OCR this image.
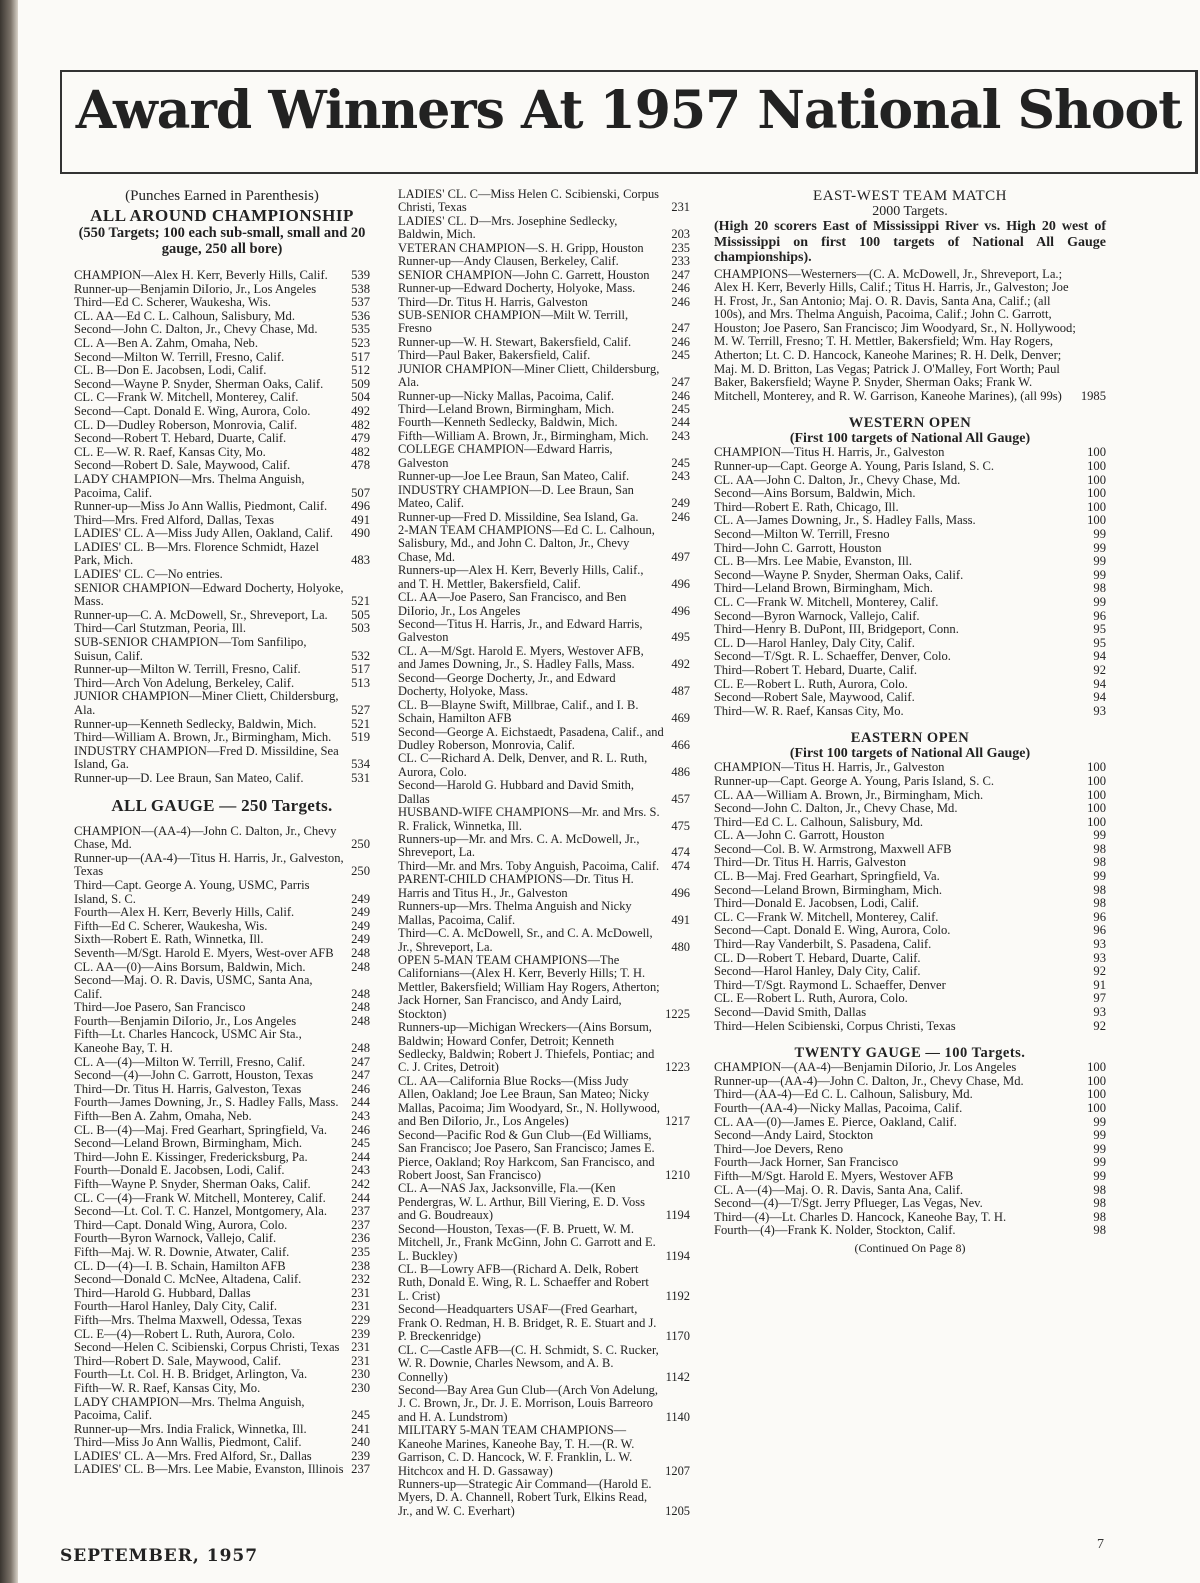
Award Winners At 1957 National Shoot
(Punches Earned in Parenthesis)
ALL AROUND CHAMPIONSHIP
(550 Targets; 100 each sub-small, small and 20 gauge, 250 all bore)
CHAMPION—Alex H. Kerr, Beverly Hills, Calif.	539
Runner-up—Benjamin DiIorio, Jr., Los Angeles	538
Third—Ed C. Scherer, Waukesha, Wis.	537
CL. AA—Ed C. L. Calhoun, Salisbury, Md.	536
Second—John C. Dalton, Jr., Chevy Chase, Md.	535
CL. A—Ben A. Zahm, Omaha, Neb.	523
Second—Milton W. Terrill, Fresno, Calif.	517
CL. B—Don E. Jacobsen, Lodi, Calif.	512
Second—Wayne P. Snyder, Sherman Oaks, Calif.	509
CL. C—Frank W. Mitchell, Monterey, Calif.	504
Second—Capt. Donald E. Wing, Aurora, Colo.	492
CL. D—Dudley Roberson, Monrovia, Calif.	482
Second—Robert T. Hebard, Duarte, Calif.	479
CL. E—W. R. Raef, Kansas City, Mo.	482
Second—Robert D. Sale, Maywood, Calif.	478
LADY CHAMPION—Mrs. Thelma Anguish, Pacoima, Calif.	507
Runner-up—Miss Jo Ann Wallis, Piedmont, Calif.	496
Third—Mrs. Fred Alford, Dallas, Texas	491
LADIES' CL. A—Miss Judy Allen, Oakland, Calif.	490
LADIES' CL. B—Mrs. Florence Schmidt, Hazel Park, Mich.	483
LADIES' CL. C—No entries.
SENIOR CHAMPION—Edward Docherty, Holyoke, Mass.	521
Runner-up—C. A. McDowell, Sr., Shreveport, La.	505
Third—Carl Stutzman, Peoria, Ill.	503
SUB-SENIOR CHAMPION—Tom Sanfilipo, Suisun, Calif.	532
Runner-up—Milton W. Terrill, Fresno, Calif.	517
Third—Arch Von Adelung, Berkeley, Calif.	513
JUNIOR CHAMPION—Miner Cliett, Childersburg, Ala.	527
Runner-up—Kenneth Sedlecky, Baldwin, Mich.	521
Third—William A. Brown, Jr., Birmingham, Mich.	519
INDUSTRY CHAMPION—Fred D. Missildine, Sea Island, Ga.	534
Runner-up—D. Lee Braun, San Mateo, Calif.	531
ALL GAUGE — 250 Targets.
CHAMPION—(AA-4)—John C. Dalton, Jr., Chevy Chase, Md.	250
Runner-up—(AA-4)—Titus H. Harris, Jr., Galveston, Texas	250
Third—Capt. George A. Young, USMC, Parris Island, S. C.	249
Fourth—Alex H. Kerr, Beverly Hills, Calif.	249
Fifth—Ed C. Scherer, Waukesha, Wis.	249
Sixth—Robert E. Rath, Winnetka, Ill.	249
Seventh—M/Sgt. Harold E. Myers, West-over AFB	248
CL. AA—(0)—Ains Borsum, Baldwin, Mich.	248
Second—Maj. O. R. Davis, USMC, Santa Ana, Calif.	248
Third—Joe Pasero, San Francisco	248
Fourth—Benjamin DiIorio, Jr., Los Angeles	248
Fifth—Lt. Charles Hancock, USMC Air Sta., Kaneohe Bay, T. H.	248
CL. A—(4)—Milton W. Terrill, Fresno, Calif.	247
Second—(4)—John C. Garrott, Houston, Texas	247
Third—Dr. Titus H. Harris, Galveston, Texas	246
Fourth—James Downing, Jr., S. Hadley Falls, Mass.	244
Fifth—Ben A. Zahm, Omaha, Neb.	243
CL. B—(4)—Maj. Fred Gearhart, Springfield, Va.	246
Second—Leland Brown, Birmingham, Mich.	245
Third—John E. Kissinger, Fredericksburg, Pa.	244
Fourth—Donald E. Jacobsen, Lodi, Calif.	243
Fifth—Wayne P. Snyder, Sherman Oaks, Calif.	242
CL. C—(4)—Frank W. Mitchell, Monterey, Calif.	244
Second—Lt. Col. T. C. Hanzel, Montgomery, Ala.	237
Third—Capt. Donald Wing, Aurora, Colo.	237
Fourth—Byron Warnock, Vallejo, Calif.	236
Fifth—Maj. W. R. Downie, Atwater, Calif.	235
CL. D—(4)—I. B. Schain, Hamilton AFB	238
Second—Donald C. McNee, Altadena, Calif.	232
Third—Harold G. Hubbard, Dallas	231
Fourth—Harol Hanley, Daly City, Calif.	231
Fifth—Mrs. Thelma Maxwell, Odessa, Texas	229
CL. E—(4)—Robert L. Ruth, Aurora, Colo.	239
Second—Helen C. Scibienski, Corpus Christi, Texas 231
Third—Robert D. Sale, Maywood, Calif.	231
Fourth—Lt. Col. H. B. Bridget, Arlington, Va.	230
Fifth—W. R. Raef, Kansas City, Mo.	230
LADY CHAMPION—Mrs. Thelma Anguish, Pacoima, Calif.	245
Runner-up—Mrs. India Fralick, Winnetka, Ill.	241
Third—Miss Jo Ann Wallis, Piedmont, Calif.	240
LADIES' CL. A—Mrs. Fred Alford, Sr., Dallas	239
LADIES' CL. B—Mrs. Lee Mabie, Evanston, Illinois 237
LADIES' CL. C—Miss Helen C. Scibienski, Corpus Christi, Texas	231
LADIES' CL. D—Mrs. Josephine Sedlecky, Baldwin, Mich.	203
VETERAN CHAMPION—S. H. Gripp, Houston	235
Runner-up—Andy Clausen, Berkeley, Calif.	233
SENIOR CHAMPION—John C. Garrett, Houston	247
Runner-up—Edward Docherty, Holyoke, Mass.	246
Third—Dr. Titus H. Harris, Galveston	246
SUB-SENIOR CHAMPION—Milt W. Terrill, Fresno	247
Runner-up—W. H. Stewart, Bakersfield, Calif.	246
Third—Paul Baker, Bakersfield, Calif.	245
JUNIOR CHAMPION—Miner Cliett, Childersburg, Ala.	247
Runner-up—Nicky Mallas, Pacoima, Calif.	246
Third—Leland Brown, Birmingham, Mich.	245
Fourth—Kenneth Sedlecky, Baldwin, Mich.	244
Fifth—William A. Brown, Jr., Birmingham, Mich.	243
COLLEGE CHAMPION—Edward Harris, Galveston	245
Runner-up—Joe Lee Braun, San Mateo, Calif.	243
INDUSTRY CHAMPION—D. Lee Braun, San Mateo, Calif.	249
Runner-up—Fred D. Missildine, Sea Island, Ga.	246
2-MAN TEAM CHAMPIONS—Ed C. L. Calhoun, Salisbury, Md., and John C. Dalton, Jr., Chevy Chase, Md.	497
Runners-up—Alex H. Kerr, Beverly Hills, Calif., and T. H. Mettler, Bakersfield, Calif.	496
CL. AA—Joe Pasero, San Francisco, and Ben DiIorio, Jr., Los Angeles	496
Second—Titus H. Harris, Jr., and Edward Harris, Galveston	495
CL. A—M/Sgt. Harold E. Myers, Westover AFB, and James Downing, Jr., S. Hadley Falls, Mass.	492
Second—George Docherty, Jr., and Edward Docherty, Holyoke, Mass.	487
CL. B—Blayne Swift, Millbrae, Calif., and I. B. Schain, Hamilton AFB	469
Second—George A. Eichstaedt, Pasadena, Calif., and Dudley Roberson, Monrovia, Calif.	466
CL. C—Richard A. Delk, Denver, and R. L. Ruth, Aurora, Colo.	486
Second—Harold G. Hubbard and David Smith, Dallas	457
HUSBAND-WIFE CHAMPIONS—Mr. and Mrs. S. R. Fralick, Winnetka, Ill.	475
Runners-up—Mr. and Mrs. C. A. McDowell, Jr., Shreveport, La.	474
Third—Mr. and Mrs. Toby Anguish, Pacoima, Calif. 474
PARENT-CHILD CHAMPIONS—Dr. Titus H. Harris and Titus H., Jr., Galveston	496
Runners-up—Mrs. Thelma Anguish and Nicky Mallas, Pacoima, Calif.	491
Third—C. A. McDowell, Sr., and C. A. McDowell, Jr., Shreveport, La.	480
OPEN 5-MAN TEAM CHAMPIONS—The Californians—(Alex H. Kerr, Beverly Hills; T. H. Mettler, Bakersfield; William Hay Rogers, Atherton; Jack Horner, San Francisco, and Andy Laird, Stockton)	1225
Runners-up—Michigan Wreckers—(Ains Borsum, Baldwin; Howard Confer, Detroit; Kenneth Sedlecky, Baldwin; Robert J. Thiefels, Pontiac; and C. J. Crites, Detroit)	1223
CL. AA—California Blue Rocks—(Miss Judy Allen, Oakland; Joe Lee Braun, San Mateo; Nicky Mallas, Pacoima; Jim Woodyard, Sr., N. Hollywood, and Ben DiIorio, Jr., Los Angeles)	1217
Second—Pacific Rod & Gun Club—(Ed Williams, San Francisco; Joe Pasero, San Francisco; James E. Pierce, Oakland; Roy Harkcom, San Francisco, and Robert Joost, San Francisco)	1210
CL. A—NAS Jax, Jacksonville, Fla.—(Ken Pendergras, W. L. Arthur, Bill Viering, E. D. Voss and G. Boudreaux)	1194
Second—Houston, Texas—(F. B. Pruett, W. M. Mitchell, Jr., Frank McGinn, John C. Garrott and E. L. Buckley)	1194
CL. B—Lowry AFB—(Richard A. Delk, Robert Ruth, Donald E. Wing, R. L. Schaeffer and Robert L. Crist)	1192
Second—Headquarters USAF—(Fred Gearhart, Frank O. Redman, H. B. Bridget, R. E. Stuart and J. P. Breckenridge)	1170
CL. C—Castle AFB—(C. H. Schmidt, S. C. Rucker, W. R. Downie, Charles Newsom, and A. B. Connelly)	1142
Second—Bay Area Gun Club—(Arch Von Adelung, J. C. Brown, Jr., Dr. J. E. Morrison, Louis Barreoro and H. A. Lundstrom)	1140
MILITARY 5-MAN TEAM CHAMPIONS—Kaneohe Marines, Kaneohe Bay, T. H.—(R. W. Garrison, C. D. Hancock, W. F. Franklin, L. W. Hitchcox and H. D. Gassaway)	1207
Runners-up—Strategic Air Command—(Harold E. Myers, D. A. Channell, Robert Turk, Elkins Read, Jr., and W. C. Everhart)	1205
EAST-WEST TEAM MATCH
2000 Targets.
(High 20 scorers East of Mississippi River vs. High 20 west of Mississippi on first 100 targets of National All Gauge championships).
CHAMPIONS—Westerners—(C. A. McDowell, Jr., Shreveport, La.; Alex H. Kerr, Beverly Hills, Calif.; Titus H. Harris, Jr., Galveston; Joe H. Frost, Jr., San Antonio; Maj. O. R. Davis, Santa Ana, Calif.; (all 100s), and Mrs. Thelma Anguish, Pacoima, Calif.; John C. Garrott, Houston; Joe Pasero, San Francisco; Jim Woodyard, Sr., N. Hollywood; M. W. Terrill, Fresno; T. H. Mettler, Bakersfield; Wm. Hay Rogers, Atherton; Lt. C. D. Hancock, Kaneohe Marines; R. H. Delk, Denver; Maj. M. D. Britton, Las Vegas; Patrick J. O'Malley, Fort Worth; Paul Baker, Bakersfield; Wayne P. Snyder, Sherman Oaks; Frank W. Mitchell, Monterey, and R. W. Garrison, Kaneohe Marines), (all 99s)	1985
WESTERN OPEN
(First 100 targets of National All Gauge)
CHAMPION—Titus H. Harris, Jr., Galveston	100
Runner-up—Capt. George A. Young, Paris Island, S. C.	100
CL. AA—John C. Dalton, Jr., Chevy Chase, Md.	100
Second—Ains Borsum, Baldwin, Mich.	100
Third—Robert E. Rath, Chicago, Ill.	100
CL. A—James Downing, Jr., S. Hadley Falls, Mass.	100
Second—Milton W. Terrill, Fresno	99
Third—John C. Garrott, Houston	99
CL. B—Mrs. Lee Mabie, Evanston, Ill.	99
Second—Wayne P. Snyder, Sherman Oaks, Calif.	99
Third—Leland Brown, Birmingham, Mich.	98
CL. C—Frank W. Mitchell, Monterey, Calif.	99
Second—Byron Warnock, Vallejo, Calif.	96
Third—Henry B. DuPont, III, Bridgeport, Conn.	95
CL. D—Harol Hanley, Daly City, Calif.	95
Second—T/Sgt. R. L. Schaeffer, Denver, Colo.	94
Third—Robert T. Hebard, Duarte, Calif.	92
CL. E—Robert L. Ruth, Aurora, Colo.	94
Second—Robert Sale, Maywood, Calif.	94
Third—W. R. Raef, Kansas City, Mo.	93
EASTERN OPEN
(First 100 targets of National All Gauge)
CHAMPION—Titus H. Harris, Jr., Galveston	100
Runner-up—Capt. George A. Young, Paris Island, S. C.	100
CL. AA—William A. Brown, Jr., Birmingham, Mich.	100
Second—John C. Dalton, Jr., Chevy Chase, Md.	100
Third—Ed C. L. Calhoun, Salisbury, Md.	100
CL. A—John C. Garrott, Houston	99
Second—Col. B. W. Armstrong, Maxwell AFB	98
Third—Dr. Titus H. Harris, Galveston	98
CL. B—Maj. Fred Gearhart, Springfield, Va.	99
Second—Leland Brown, Birmingham, Mich.	98
Third—Donald E. Jacobsen, Lodi, Calif.	98
CL. C—Frank W. Mitchell, Monterey, Calif.	96
Second—Capt. Donald E. Wing, Aurora, Colo.	96
Third—Ray Vanderbilt, S. Pasadena, Calif.	93
CL. D—Robert T. Hebard, Duarte, Calif.	93
Second—Harol Hanley, Daly City, Calif.	92
Third—T/Sgt. Raymond L. Schaeffer, Denver	91
CL. E—Robert L. Ruth, Aurora, Colo.	97
Second—David Smith, Dallas	93
Third—Helen Scibienski, Corpus Christi, Texas	92
TWENTY GAUGE — 100 Targets.
CHAMPION—(AA-4)—Benjamin DiIorio, Jr. Los Angeles	100
Runner-up—(AA-4)—John C. Dalton, Jr., Chevy Chase, Md.	100
Third—(AA-4)—Ed C. L. Calhoun, Salisbury, Md.	100
Fourth—(AA-4)—Nicky Mallas, Pacoima, Calif.	100
CL. AA—(0)—James E. Pierce, Oakland, Calif.	99
Second—Andy Laird, Stockton	99
Third—Joe Devers, Reno	99
Fourth—Jack Horner, San Francisco	99
Fifth—M/Sgt. Harold E. Myers, Westover AFB	99
CL. A—(4)—Maj. O. R. Davis, Santa Ana, Calif.	98
Second—(4)—T/Sgt. Jerry Pflueger, Las Vegas, Nev.	98
Third—(4)—Lt. Charles D. Hancock, Kaneohe Bay, T. H.	98
Fourth—(4)—Frank K. Nolder, Stockton, Calif.	98
(Continued On Page 8)
SEPTEMBER, 1957
7
